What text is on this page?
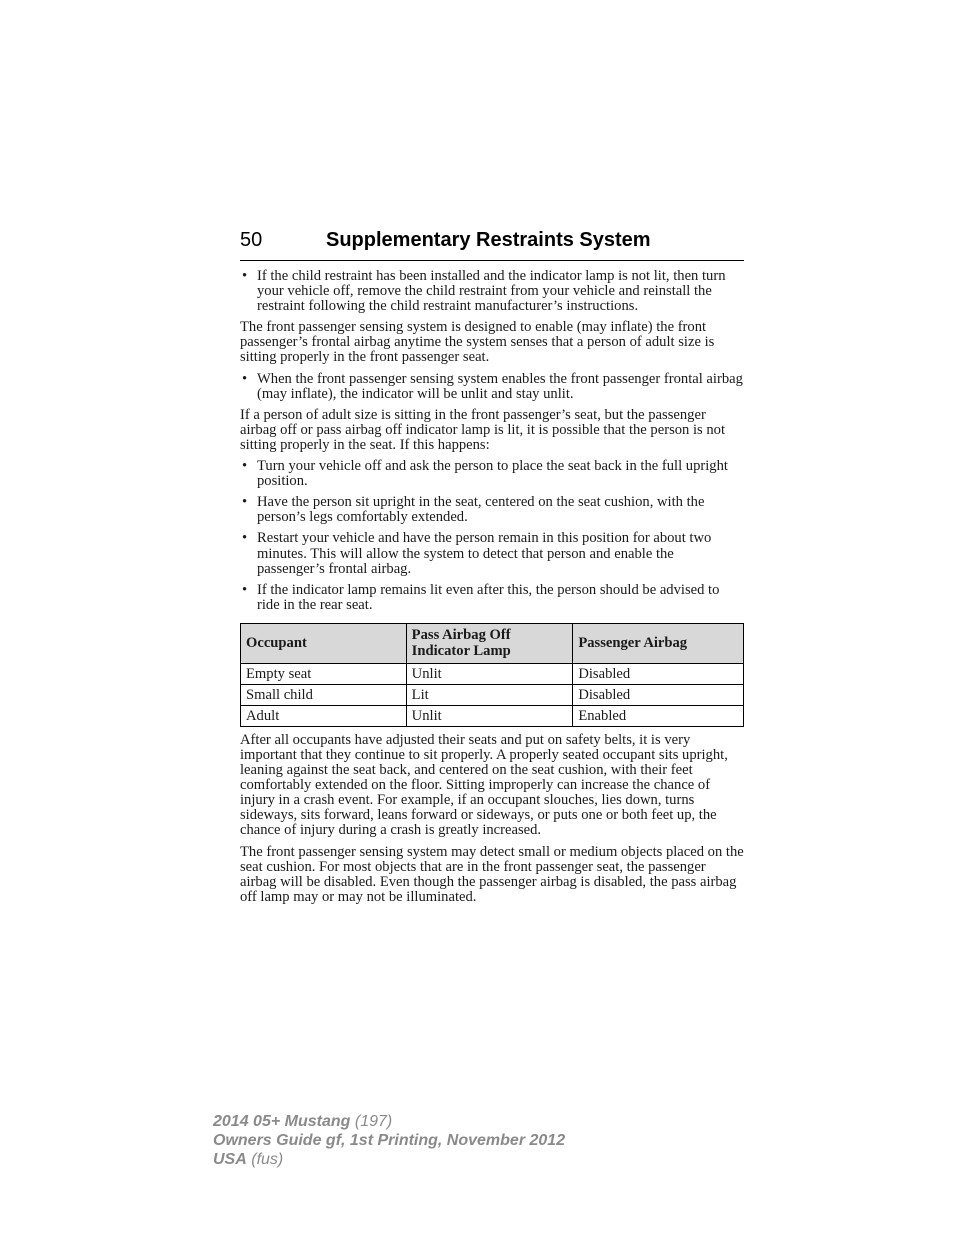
50	Supplementary Restraints System
• If the child restraint has been installed and the indicator lamp is not lit, then turn your vehicle off, remove the child restraint from your vehicle and reinstall the restraint following the child restraint manufacturer’s instructions.

The front passenger sensing system is designed to enable (may inflate) the front passenger’s frontal airbag anytime the system senses that a person of adult size is sitting properly in the front passenger seat.

• When the front passenger sensing system enables the front passenger frontal airbag (may inflate), the indicator will be unlit and stay unlit.

If a person of adult size is sitting in the front passenger’s seat, but the passenger airbag off or pass airbag off indicator lamp is lit, it is possible that the person is not sitting properly in the seat. If this happens:

• Turn your vehicle off and ask the person to place the seat back in the full upright position.
• Have the person sit upright in the seat, centered on the seat cushion, with the person’s legs comfortably extended.
• Restart your vehicle and have the person remain in this position for about two minutes. This will allow the system to detect that person and enable the passenger’s frontal airbag.
• If the indicator lamp remains lit even after this, the person should be advised to ride in the rear seat.
Occupant	Pass Airbag Off Indicator Lamp	Passenger Airbag
Empty seat	Unlit	Disabled
Small child	Lit	Disabled
Adult	Unlit	Enabled

After all occupants have adjusted their seats and put on safety belts, it is very important that they continue to sit properly. A properly seated occupant sits upright, leaning against the seat back, and centered on the seat cushion, with their feet comfortably extended on the floor. Sitting improperly can increase the chance of injury in a crash event. For example, if an occupant slouches, lies down, turns sideways, sits forward, leans forward or sideways, or puts one or both feet up, the chance of injury during a crash is greatly increased.

The front passenger sensing system may detect small or medium objects placed on the seat cushion. For most objects that are in the front passenger seat, the passenger airbag will be disabled. Even though the passenger airbag is disabled, the pass airbag off lamp may or may not be illuminated.

2014 05+ Mustang (197)
Owners Guide gf, 1st Printing, November 2012
USA (fus)
